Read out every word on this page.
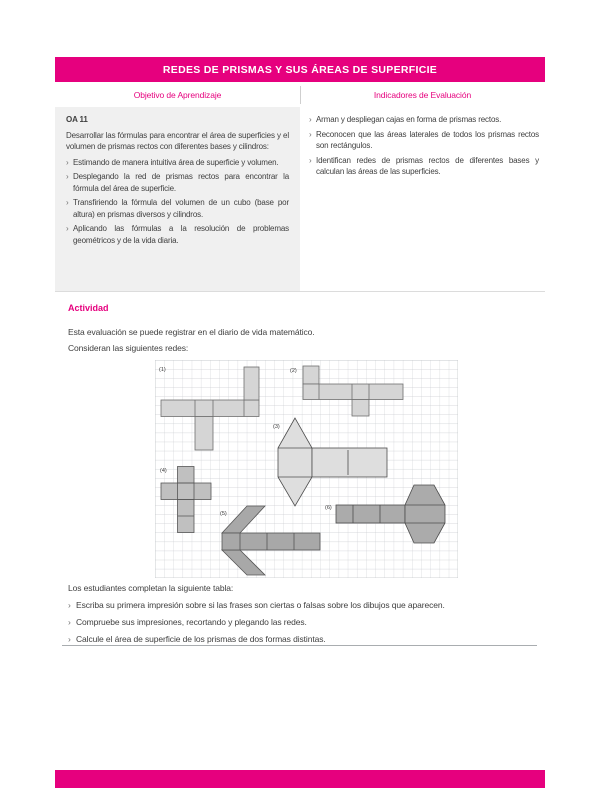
REDES DE PRISMAS Y SUS ÁREAS DE SUPERFICIE
Objetivo de Aprendizaje	Indicadores de Evaluación
OA 11
Desarrollar las fórmulas para encontrar el área de superficies y el volumen de prismas rectos con diferentes bases y cilindros:
› Estimando de manera intuitiva área de superficie y volumen.
› Desplegando la red de prismas rectos para encontrar la fórmula del área de superficie.
› Transfiriendo la fórmula del volumen de un cubo (base por altura) en prismas diversos y cilindros.
› Aplicando las fórmulas a la resolución de problemas geométricos y de la vida diaria.
› Arman y despliegan cajas en forma de prismas rectos.
› Reconocen que las áreas laterales de todos los prismas rectos son rectángulos.
› Identifican redes de prismas rectos de diferentes bases y calculan las áreas de las superficies.
Actividad
Esta evaluación se puede registrar en el diario de vida matemático.
Consideran las siguientes redes:
(1)	(2)
(3)
(4)
(5)
(6)
Los estudiantes completan la siguiente tabla:
› Escriba su primera impresión sobre si las frases son ciertas o falsas sobre los dibujos que aparecen.
› Compruebe sus impresiones, recortando y plegando las redes.
› Calcule el área de superficie de los prismas de dos formas distintas.
